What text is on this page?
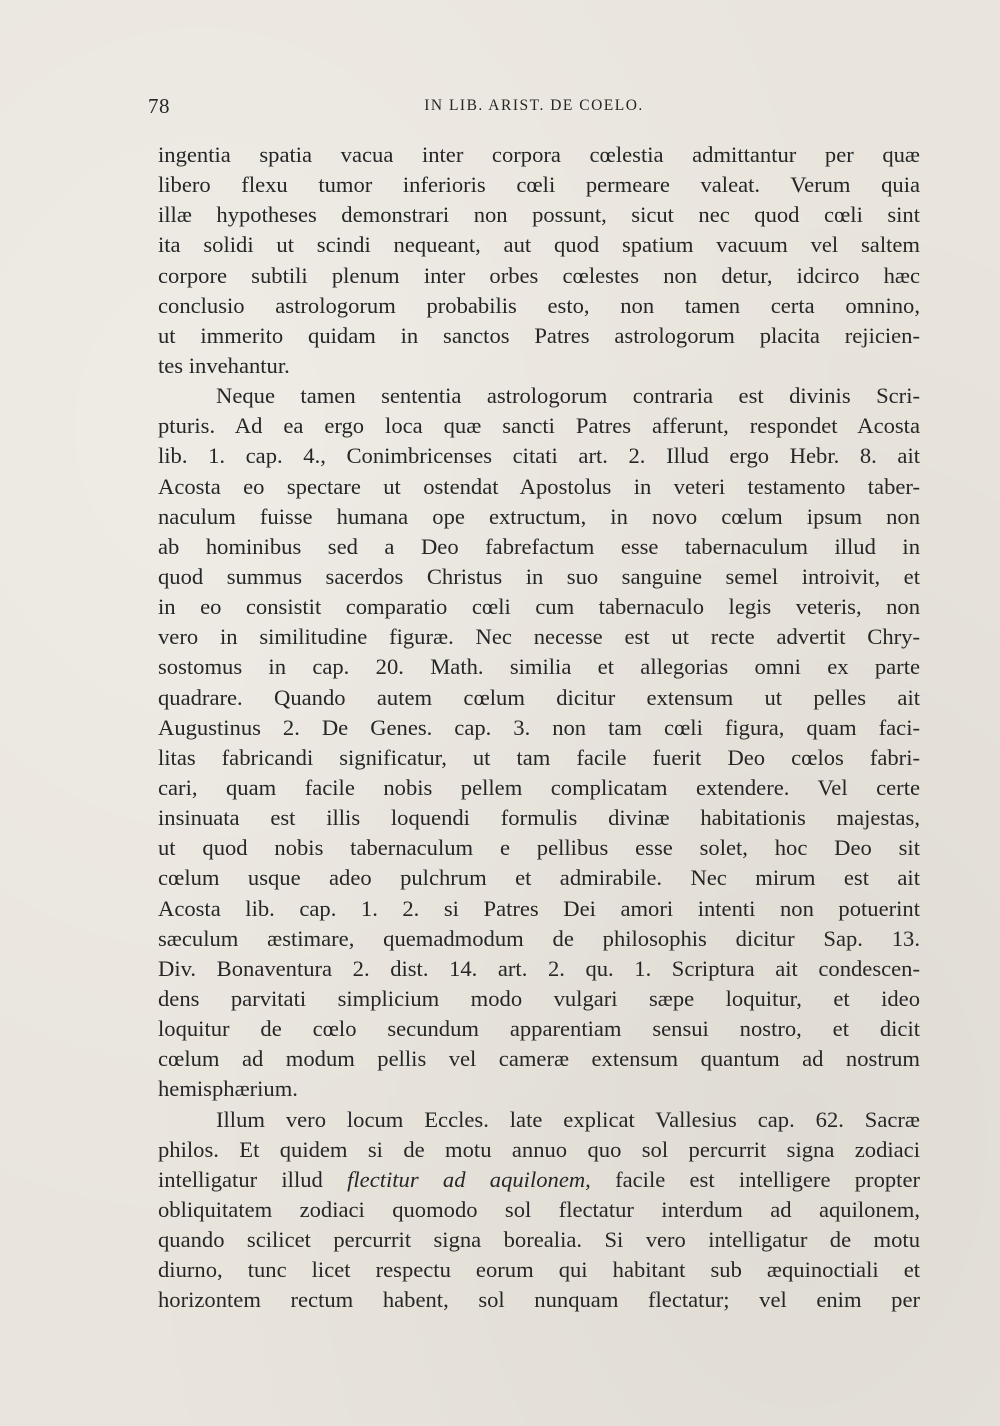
78	IN LIB. ARIST. DE COELO.
ingentia spatia vacua inter corpora cœlestia admittantur per quæ
libero flexu tumor inferioris cœli permeare valeat. Verum quia
illæ hypotheses demonstrari non possunt, sicut nec quod cœli sint
ita solidi ut scindi nequeant, aut quod spatium vacuum vel saltem
corpore subtili plenum inter orbes cœlestes non detur, idcirco hæc
conclusio astrologorum probabilis esto, non tamen certa omnino,
ut immerito quidam in sanctos Patres astrologorum placita rejicien-
tes invehantur.
Neque tamen sententia astrologorum contraria est divinis Scri-
pturis. Ad ea ergo loca quæ sancti Patres afferunt, respondet Acosta
lib. 1. cap. 4., Conimbricenses citati art. 2. Illud ergo Hebr. 8. ait
Acosta eo spectare ut ostendat Apostolus in veteri testamento taber-
naculum fuisse humana ope extructum, in novo cœlum ipsum non
ab hominibus sed a Deo fabrefactum esse tabernaculum illud in
quod summus sacerdos Christus in suo sanguine semel introivit, et
in eo consistit comparatio cœli cum tabernaculo legis veteris, non
vero in similitudine figuræ. Nec necesse est ut recte advertit Chry-
sostomus in cap. 20. Math. similia et allegorias omni ex parte
quadrare. Quando autem cœlum dicitur extensum ut pelles ait
Augustinus 2. De Genes. cap. 3. non tam cœli figura, quam faci-
litas fabricandi significatur, ut tam facile fuerit Deo cœlos fabri-
cari, quam facile nobis pellem complicatam extendere. Vel certe
insinuata est illis loquendi formulis divinæ habitationis majestas,
ut quod nobis tabernaculum e pellibus esse solet, hoc Deo sit
cœlum usque adeo pulchrum et admirabile. Nec mirum est ait
Acosta lib. cap. 1. 2. si Patres Dei amori intenti non potuerint
sæculum æstimare, quemadmodum de philosophis dicitur Sap. 13.
Div. Bonaventura 2. dist. 14. art. 2. qu. 1. Scriptura ait condescen-
dens parvitati simplicium modo vulgari sæpe loquitur, et ideo
loquitur de cœlo secundum apparentiam sensui nostro, et dicit
cœlum ad modum pellis vel cameræ extensum quantum ad nostrum
hemisphærium.
Illum vero locum Eccles. late explicat Vallesius cap. 62. Sacræ
philos. Et quidem si de motu annuo quo sol percurrit signa zodiaci
intelligatur illud flectitur ad aquilonem, facile est intelligere propter
obliquitatem zodiaci quomodo sol flectatur interdum ad aquilonem,
quando scilicet percurrit signa borealia. Si vero intelligatur de motu
diurno, tunc licet respectu eorum qui habitant sub æquinoctiali et
horizontem rectum habent, sol nunquam flectatur; vel enim per
